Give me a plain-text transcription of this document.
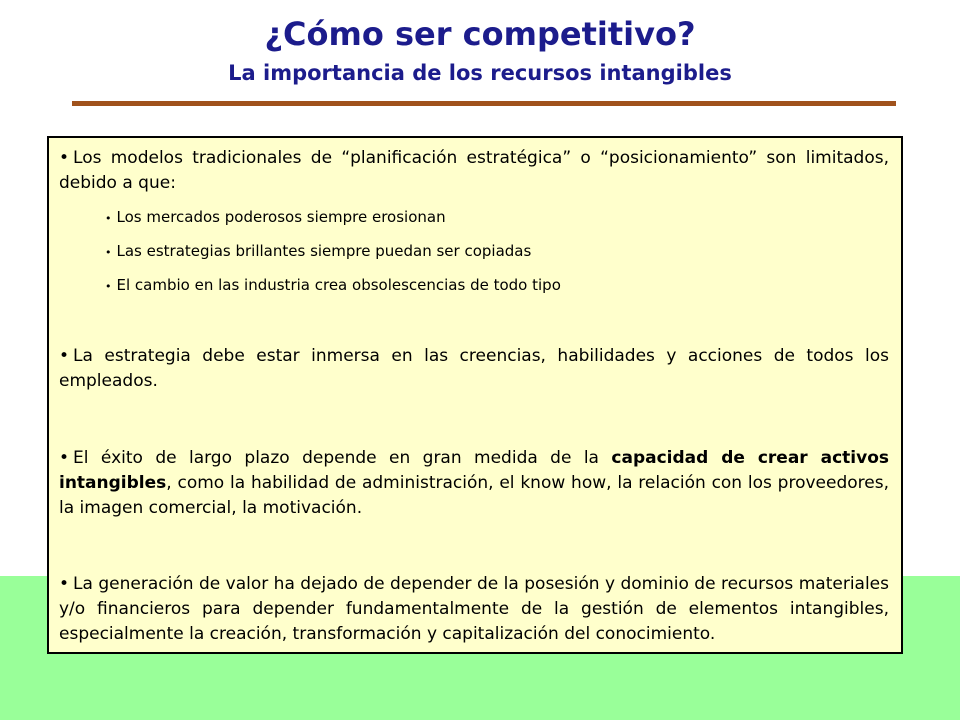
¿Cómo ser competitivo?
La importancia de los recursos intangibles
• Los modelos tradicionales de “planificación estratégica” o “posicionamiento” son limitados, debido a que:
• Los mercados poderosos siempre erosionan
• Las estrategias brillantes siempre puedan ser copiadas
• El cambio en las industria crea obsolescencias de todo tipo
• La estrategia debe estar inmersa en las creencias, habilidades y acciones de todos los empleados.
• El éxito de largo plazo depende en gran medida de la capacidad de crear activos intangibles, como la habilidad de administración, el know how, la relación con los proveedores, la imagen comercial, la motivación.
• La generación de valor ha dejado de depender de la posesión y dominio de recursos materiales y/o financieros para depender fundamentalmente de la gestión de elementos intangibles, especialmente la creación, transformación y capitalización del conocimiento.
